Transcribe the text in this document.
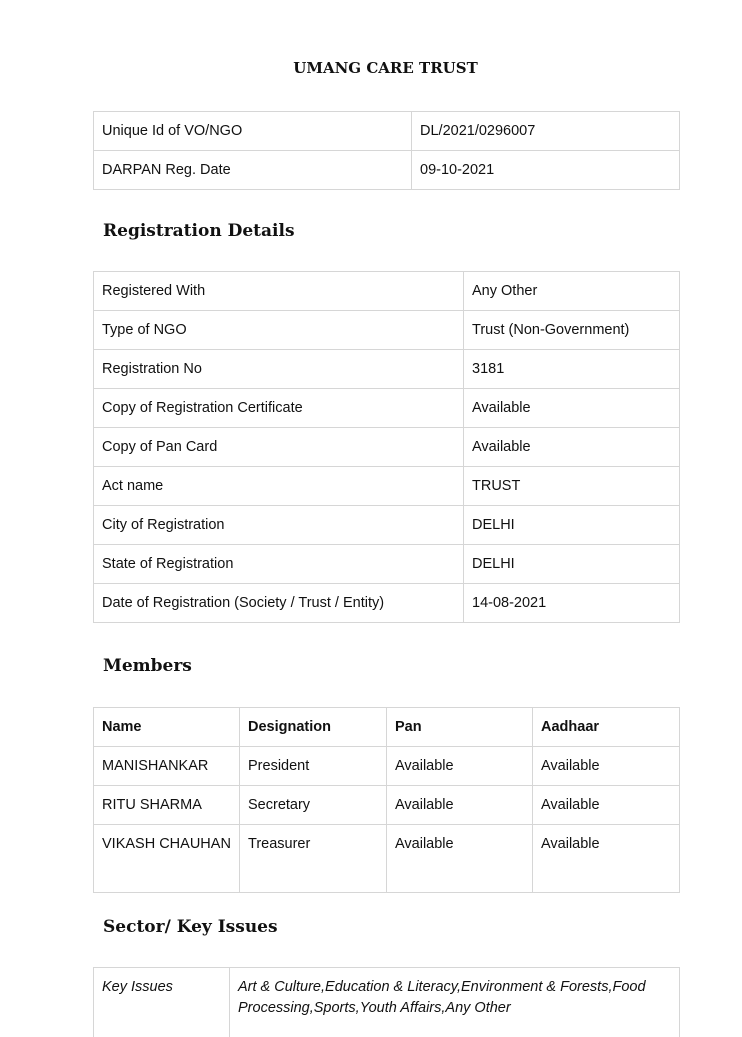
UMANG CARE TRUST
Unique Id of VO/NGO	DL/2021/0296007
DARPAN Reg. Date	09-10-2021
Registration Details
Registered With	Any Other
Type of NGO	Trust (Non-Government)
Registration No	3181
Copy of Registration Certificate	Available
Copy of Pan Card	Available
Act name	TRUST
City of Registration	DELHI
State of Registration	DELHI
Date of Registration (Society / Trust / Entity)	14-08-2021
Members
Name	Designation	Pan	Aadhaar
MANISHANKAR	President	Available	Available
RITU SHARMA	Secretary	Available	Available
VIKASH CHAUHAN	Treasurer	Available	Available
Sector/ Key Issues
Key Issues	Art & Culture,Education & Literacy,Environment & Forests,Food Processing,Sports,Youth Affairs,Any Other
